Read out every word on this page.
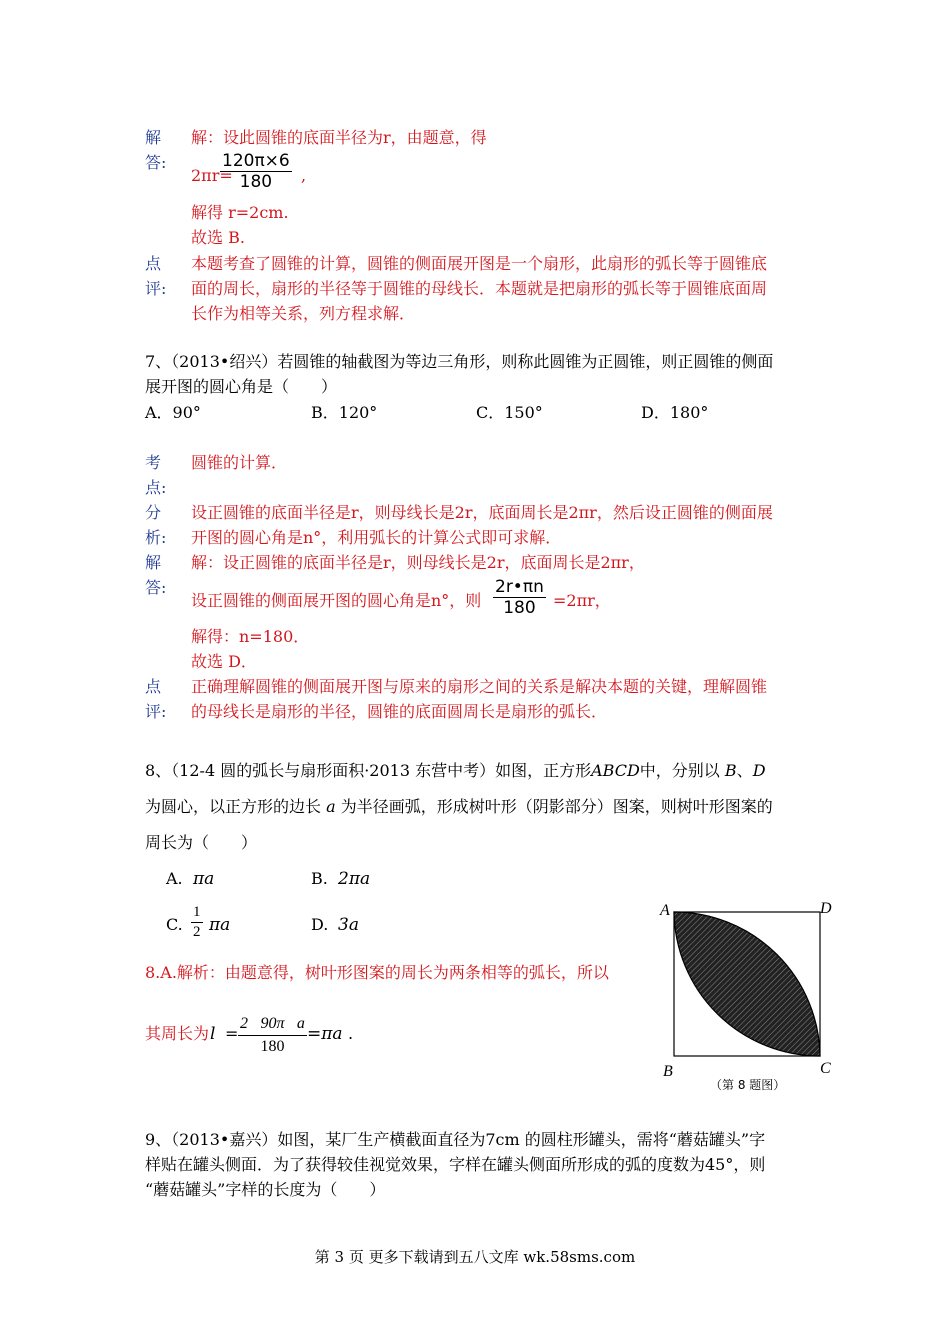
解
答:
解：设此圆锥的底面半径为r，由题意，得
2πr=
$\frac{120\pi\times 6}{180}$ ,
解得 r=2cm.
故选 B.
点
评:
本题考查了圆锥的计算，圆锥的侧面展开图是一个扇形，此扇形的弧长等于圆锥底
面的周长，扇形的半径等于圆锥的母线长．本题就是把扇形的弧长等于圆锥底面周
长作为相等关系，列方程求解．
7、（2013•绍兴）若圆锥的轴截图为等边三角形，则称此圆锥为正圆锥，则正圆锥的侧面
展开图的圆心角是（　　）
A．90°	B．120°	C．150°	D．180°
考
点:
圆锥的计算．
分
析:
设正圆锥的底面半径是r，则母线长是2r，底面周长是2πr，然后设正圆锥的侧面展
开图的圆心角是n°，利用弧长的计算公式即可求解．
解
答:
解：设正圆锥的底面半径是r，则母线长是2r，底面周长是2πr，
设正圆锥的侧面展开图的圆心角是n°，则 $\frac{2r•\pi n}{180} =2\pi r$，
解得：n=180．
故选 D．
点
评:
正确理解圆锥的侧面展开图与原来的扇形之间的关系是解决本题的关键，理解圆锥
的母线长是扇形的半径，圆锥的底面圆周长是扇形的弧长．
8、（12-4 圆的弧长与扇形面积·2013 东营中考）如图，正方形ABCD中，分别以 B、D
为圆心，以正方形的边长 a 为半径画弧，形成树叶形（阴影部分）图案，则树叶形图案的
周长为（　　）
A. πa	B. 2πa
C. $\frac{1}{2}$ πa	D. 3a
8.A.解析：由题意得，树叶形图案的周长为两条相等的弧长，所以
其周长为 $l = \frac{2⃞90\pi⃞a}{180} =\pi a$ .
A	D
B	C
（第 8 题图）
9、（2013•嘉兴）如图，某厂生产横截面直径为7cm 的圆柱形罐头，需将“蘑菇罐头”字
样贴在罐头侧面．为了获得较佳视觉效果，字样在罐头侧面所形成的弧的度数为45°，则
“蘑菇罐头”字样的长度为（　　）
第 3 页 更多下载请到五八文库 wk.58sms.com
